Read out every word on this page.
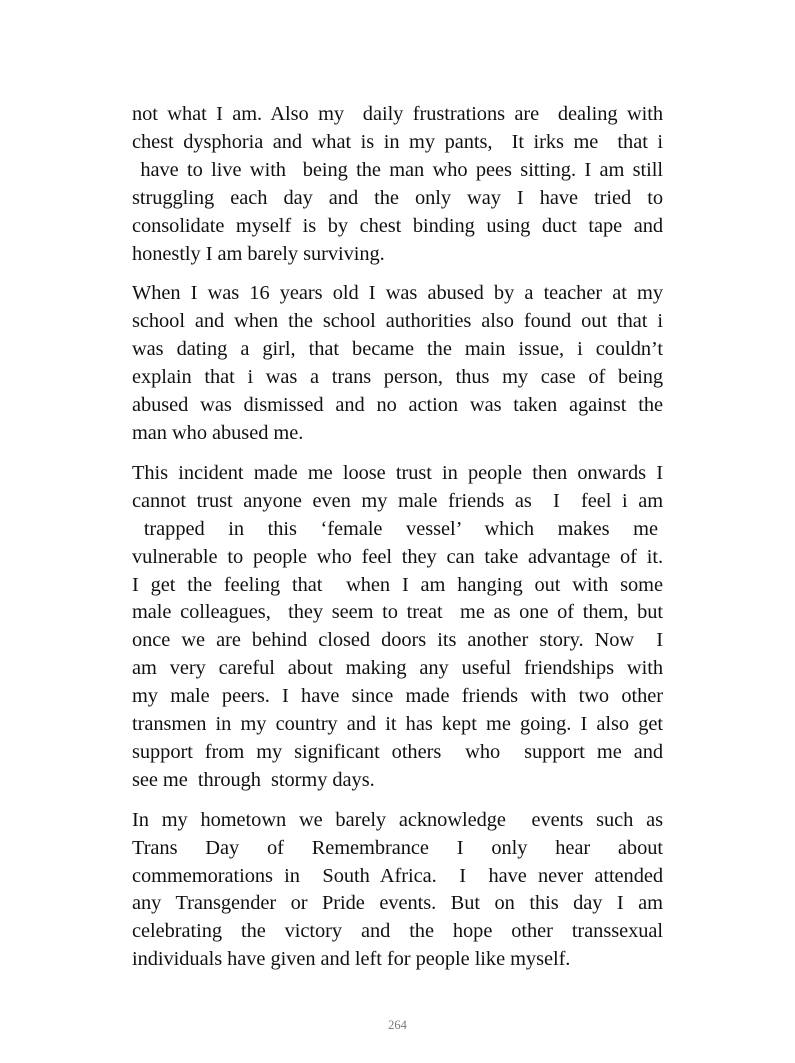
not what I am. Also my  daily frustrations are  dealing with
chest dysphoria and what is in my pants,  It irks me  that i
have to live with  being the man who pees sitting. I am still
struggling  each  day  and  the  only  way  I  have  tried  to
consolidate myself is by chest binding using duct tape and
honestly I am barely surviving.

When I was 16 years old I was abused by a teacher at my
school and when the school authorities also found out that i
was dating a girl, that became the main issue, i couldn’t
explain that i was a trans person, thus my case of being
abused was dismissed and no action was taken against the
man who abused me.

This incident made me loose trust in people then onwards I
cannot trust anyone even my male friends as  I  feel i am
trapped  in  this  ‘female  vessel’  which  makes  me
vulnerable to people who feel they can take advantage of it.
I get the feeling that  when I am hanging out with some
male colleagues,  they seem to treat  me as one of them, but
once we are behind closed doors its another story. Now  I
am very careful about making any useful friendships with
my male peers. I have since made friends with two other
transmen in my country and it has kept me going. I also get
support from my significant others  who  support me and
see me  through  stormy days.

In my hometown we barely acknowledge  events such as
Trans  Day  of  Remembrance  I  only  hear  about
commemorations in  South Africa.  I  have never attended
any Transgender or Pride events. But on this day I am
celebrating the victory and the hope other transsexual
individuals have given and left for people like myself.

264
